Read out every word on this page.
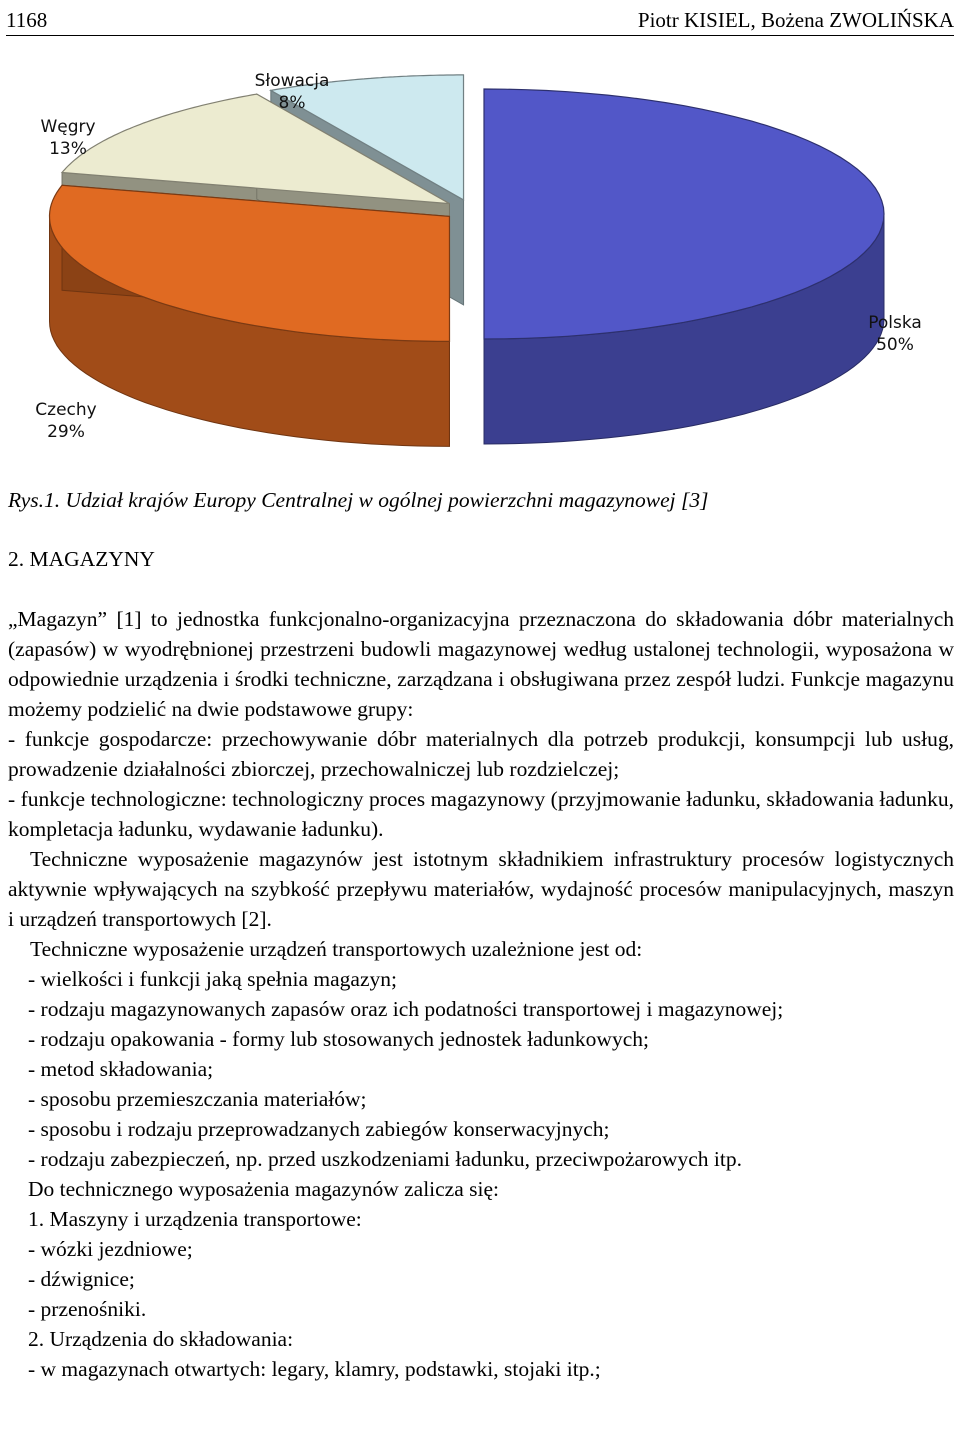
1168	Piotr KISIEL, Bożena ZWOLIŃSKA
Polska
50%
Czechy
29%
Węgry
13%
Słowacja
8%
Rys.1. Udział krajów Europy Centralnej w ogólnej powierzchni magazynowej [3]
2. MAGAZYNY
„Magazyn” [1] to jednostka funkcjonalno-organizacyjna przeznaczona do składowania dóbr materialnych (zapasów) w wyodrębnionej przestrzeni budowli magazynowej według ustalonej technologii, wyposażona w odpowiednie urządzenia i środki techniczne, zarządzana i obsługiwana przez zespół ludzi. Funkcje magazynu możemy podzielić na dwie podstawowe grupy:
- funkcje gospodarcze: przechowywanie dóbr materialnych dla potrzeb produkcji, konsumpcji lub usług, prowadzenie działalności zbiorczej, przechowalniczej lub rozdzielczej;
- funkcje technologiczne: technologiczny proces magazynowy (przyjmowanie ładunku, składowania ładunku, kompletacja ładunku, wydawanie ładunku).
Techniczne wyposażenie magazynów jest istotnym składnikiem infrastruktury procesów logistycznych aktywnie wpływających na szybkość przepływu materiałów, wydajność procesów manipulacyjnych, maszyn i urządzeń transportowych [2].
Techniczne wyposażenie urządzeń transportowych uzależnione jest od:
- wielkości i funkcji jaką spełnia magazyn;
- rodzaju magazynowanych zapasów oraz ich podatności transportowej i magazynowej;
- rodzaju opakowania - formy lub stosowanych jednostek ładunkowych;
- metod składowania;
- sposobu przemieszczania materiałów;
- sposobu i rodzaju przeprowadzanych zabiegów konserwacyjnych;
- rodzaju zabezpieczeń, np. przed uszkodzeniami ładunku, przeciwpożarowych itp.
Do technicznego wyposażenia magazynów zalicza się:
1. Maszyny i urządzenia transportowe:
- wózki jezdniowe;
- dźwignice;
- przenośniki.
2. Urządzenia do składowania:
- w magazynach otwartych: legary, klamry, podstawki, stojaki itp.;
